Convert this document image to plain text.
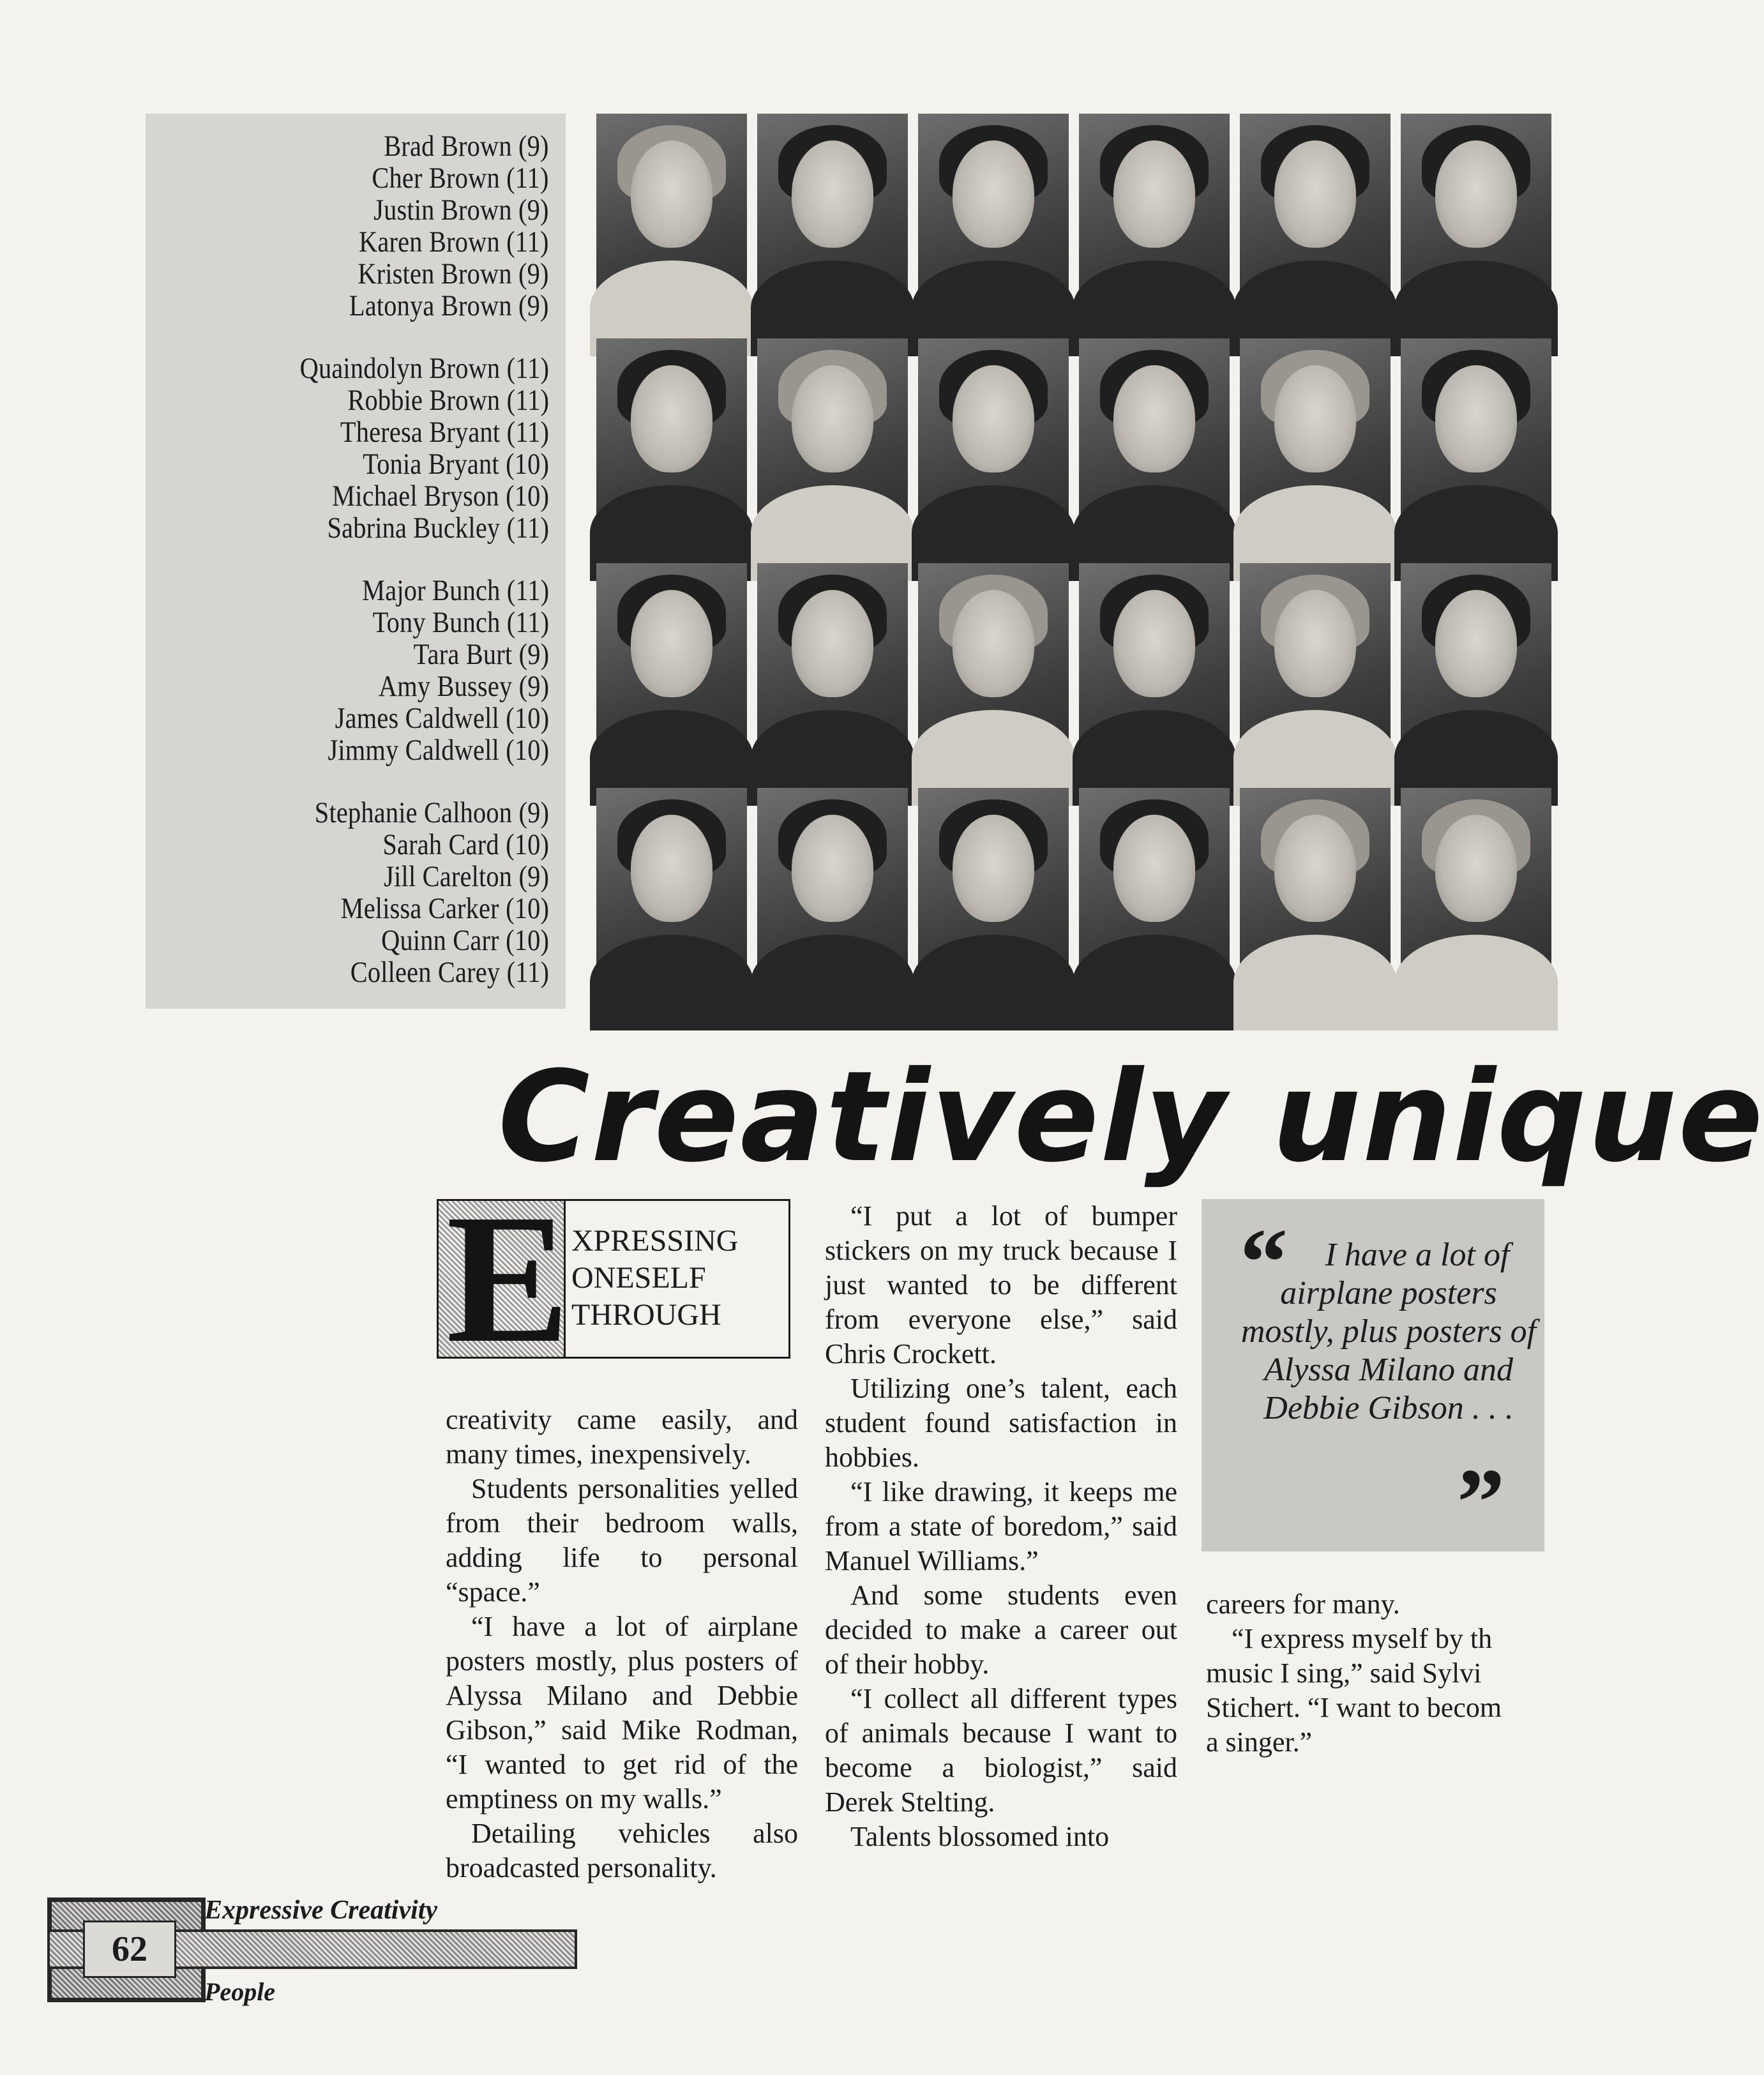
Brad Brown (9)
Cher Brown (11)
Justin Brown (9)
Karen Brown (11)
Kristen Brown (9)
Latonya Brown (9)
Quaindolyn Brown (11)
Robbie Brown (11)
Theresa Bryant (11)
Tonia Bryant (10)
Michael Bryson (10)
Sabrina Buckley (11)
Major Bunch (11)
Tony Bunch (11)
Tara Burt (9)
Amy Bussey (9)
James Caldwell (10)
Jimmy Caldwell (10)
Stephanie Calhoon (9)
Sarah Card (10)
Jill Carelton (9)
Melissa Carker (10)
Quinn Carr (10)
Colleen Carey (11)
Creatively unique
E XPRESSING
ONESELF
THROUGH

creativity came easily, and many times, inexpensively.

Students personalities yelled from their bedroom walls, adding life to personal “space.”

“I have a lot of airplane posters mostly, plus posters of Alyssa Milano and Debbie Gibson,” said Mike Rodman, “I wanted to get rid of the emptiness on my walls.”

Detailing vehicles also broadcasted personality.

“I put a lot of bumper stickers on my truck because I just wanted to be different from everyone else,” said Chris Crockett.

Utilizing one’s talent, each student found satisfaction in hobbies.

“I like drawing, it keeps me from a state of boredom,” said Manuel Williams.”

And some students even decided to make a career out of their hobby.

“I collect all different types of animals because I want to become a biologist,” said Derek Stelting.

Talents blossomed into

“	I have a lot of airplane posters mostly, plus posters of Alyssa Milano and Debbie Gibson . . .
”
careers for many.
“I express myself by th
music I sing,” said Sylvi
Stichert. “I want to becom
a singer.”
62
Expressive Creativity
People
